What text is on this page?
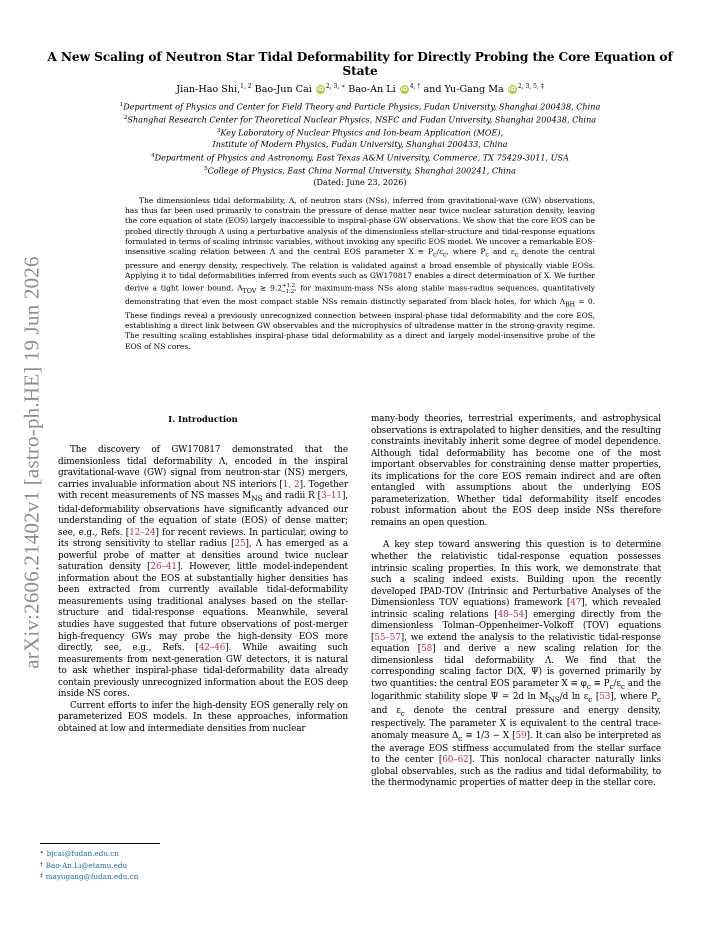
arXiv:2606.21402v1 [astro-ph.HE] 19 Jun 2026
A New Scaling of Neutron Star Tidal Deformability for Directly Probing the Core Equation of State
Jian-Hao Shi,$^{1, 2}$ Bao-Jun Cai iD $^{2, 3, ∗}$ Bao-An Li iD $^{4, \dagger}$ and Yu-Gang Ma iD $^{2, 3, 5, \ddagger}$
$^1$Department of Physics and Center for Field Theory and Particle Physics, Fudan University, Shanghai 200438, China
$^2$Shanghai Research Center for Theoretical Nuclear Physics, NSFC and Fudan University, Shanghai 200438, China
$^3$Key Laboratory of Nuclear Physics and Ion-beam Application (MOE),
Institute of Modern Physics, Fudan University, Shanghai 200433, China
$^4$Department of Physics and Astronomy, East Texas A&M University, Commerce, TX 75429-3011, USA
$^5$College of Physics, East China Normal University, Shanghai 200241, China
(Dated: June 23, 2026)
The dimensionless tidal deformability, Λ, of neutron stars (NSs), inferred from gravitational-wave (GW) observations, has thus far been used primarily to constrain the pressure of dense matter near twice nuclear saturation density, leaving the core equation of state (EOS) largely inaccessible to inspiral-phase GW observations. We show that the core EOS can be probed directly through Λ using a perturbative analysis of the dimensionless stellar-structure and tidal-response equations formulated in terms of scaling intrinsic variables, without invoking any specific EOS model. We uncover a remarkable EOS-insensitive scaling relation between Λ and the central EOS parameter $X \equiv P_c/\varepsilon_c$, where $P_c$ and $\varepsilon_c$ denote the central pressure and energy density, respectively. The relation is validated against a broad ensemble of physically viable EOSs. Applying it to tidal deformabilities inferred from events such as GW170817 enables a direct determination of X. We further derive a tight lower bound, $\Lambda_{TOV}$ ≳ $9.2^{+1.2}_{-1.2}$, for maximum-mass NSs along stable mass-radius sequences, quantitatively demonstrating that even the most compact stable NSs remain distinctly separated from black holes, for which $\Lambda_{BH} = 0$. These findings reveal a previously unrecognized connection between inspiral-phase tidal deformability and the core EOS, establishing a direct link between GW observables and the microphysics of ultradense matter in the strong-gravity regime. The resulting scaling establishes inspiral-phase tidal deformability as a direct and largely model-insensitive probe of the EOS of NS cores.
I. Introduction

The discovery of GW170817 demonstrated that the dimensionless tidal deformability Λ, encoded in the inspiral gravitational-wave (GW) signal from neutron-star (NS) mergers, carries invaluable information about NS interiors [1, 2]. Together with recent measurements of NS masses $M_{NS}$ and radii R [3–11], tidal-deformability observations have significantly advanced our understanding of the equation of state (EOS) of dense matter; see, e.g., Refs. [12–24] for recent reviews. In particular, owing to its strong sensitivity to stellar radius [25], Λ has emerged as a powerful probe of matter at densities around twice nuclear saturation density [26–41]. However, little model-independent information about the EOS at substantially higher densities has been extracted from currently available tidal-deformability measurements using traditional analyses based on the stellar-structure and tidal-response equations. Meanwhile, several studies have suggested that future observations of post-merger high-frequency GWs may probe the high-density EOS more directly, see, e.g., Refs. [42–46]. While awaiting such measurements from next-generation GW detectors, it is natural to ask whether inspiral-phase tidal-deformability data already contain previously unrecognized information about the EOS deep inside NS cores.

Current efforts to infer the high-density EOS generally rely on parameterized EOS models. In these approaches, information obtained at low and intermediate densities from nuclear

many-body theories, terrestrial experiments, and astrophysical observations is extrapolated to higher densities, and the resulting constraints inevitably inherit some degree of model dependence. Although tidal deformability has become one of the most important observables for constraining dense matter properties, its implications for the core EOS remain indirect and are often entangled with assumptions about the underlying EOS parameterization. Whether tidal deformability itself encodes robust information about the EOS deep inside NSs therefore remains an open question.

A key step toward answering this question is to determine whether the relativistic tidal-response equation possesses intrinsic scaling properties. In this work, we demonstrate that such a scaling indeed exists. Building upon the recently developed IPAD-TOV (Intrinsic and Perturbative Analyses of the Dimensionless TOV equations) framework [47], which revealed intrinsic scaling relations [48–54] emerging directly from the dimensionless Tolman–Oppenheimer–Volkoff (TOV) equations [55–57], we extend the analysis to the relativistic tidal-response equation [58] and derive a new scaling relation for the dimensionless tidal deformability Λ. We find that the corresponding scaling factor D(X, Ψ) is governed primarily by two quantities: the central EOS parameter $X \equiv \varphi_c \equiv P_c/\varepsilon_c$ and the logarithmic stability slope Ψ = 2d $\ln M_{NS}/d$ $\ln \varepsilon_c$ [53], where $P_c$ and $\varepsilon_c$ denote the central pressure and energy density, respectively. The parameter X is equivalent to the central trace-anomaly measure $\Delta_c \equiv 1/3 - X$ [59]. It can also be interpreted as the average EOS stiffness accumulated from the stellar surface to the center [60–62]. This nonlocal character naturally links global observables, such as the radius and tidal deformability, to the thermodynamic properties of matter deep in the stellar core.

∗ bjcai@fudan.edu.cn
† Bao-An.Li@etamu.edu
‡ mayugang@fudan.edu.cn
